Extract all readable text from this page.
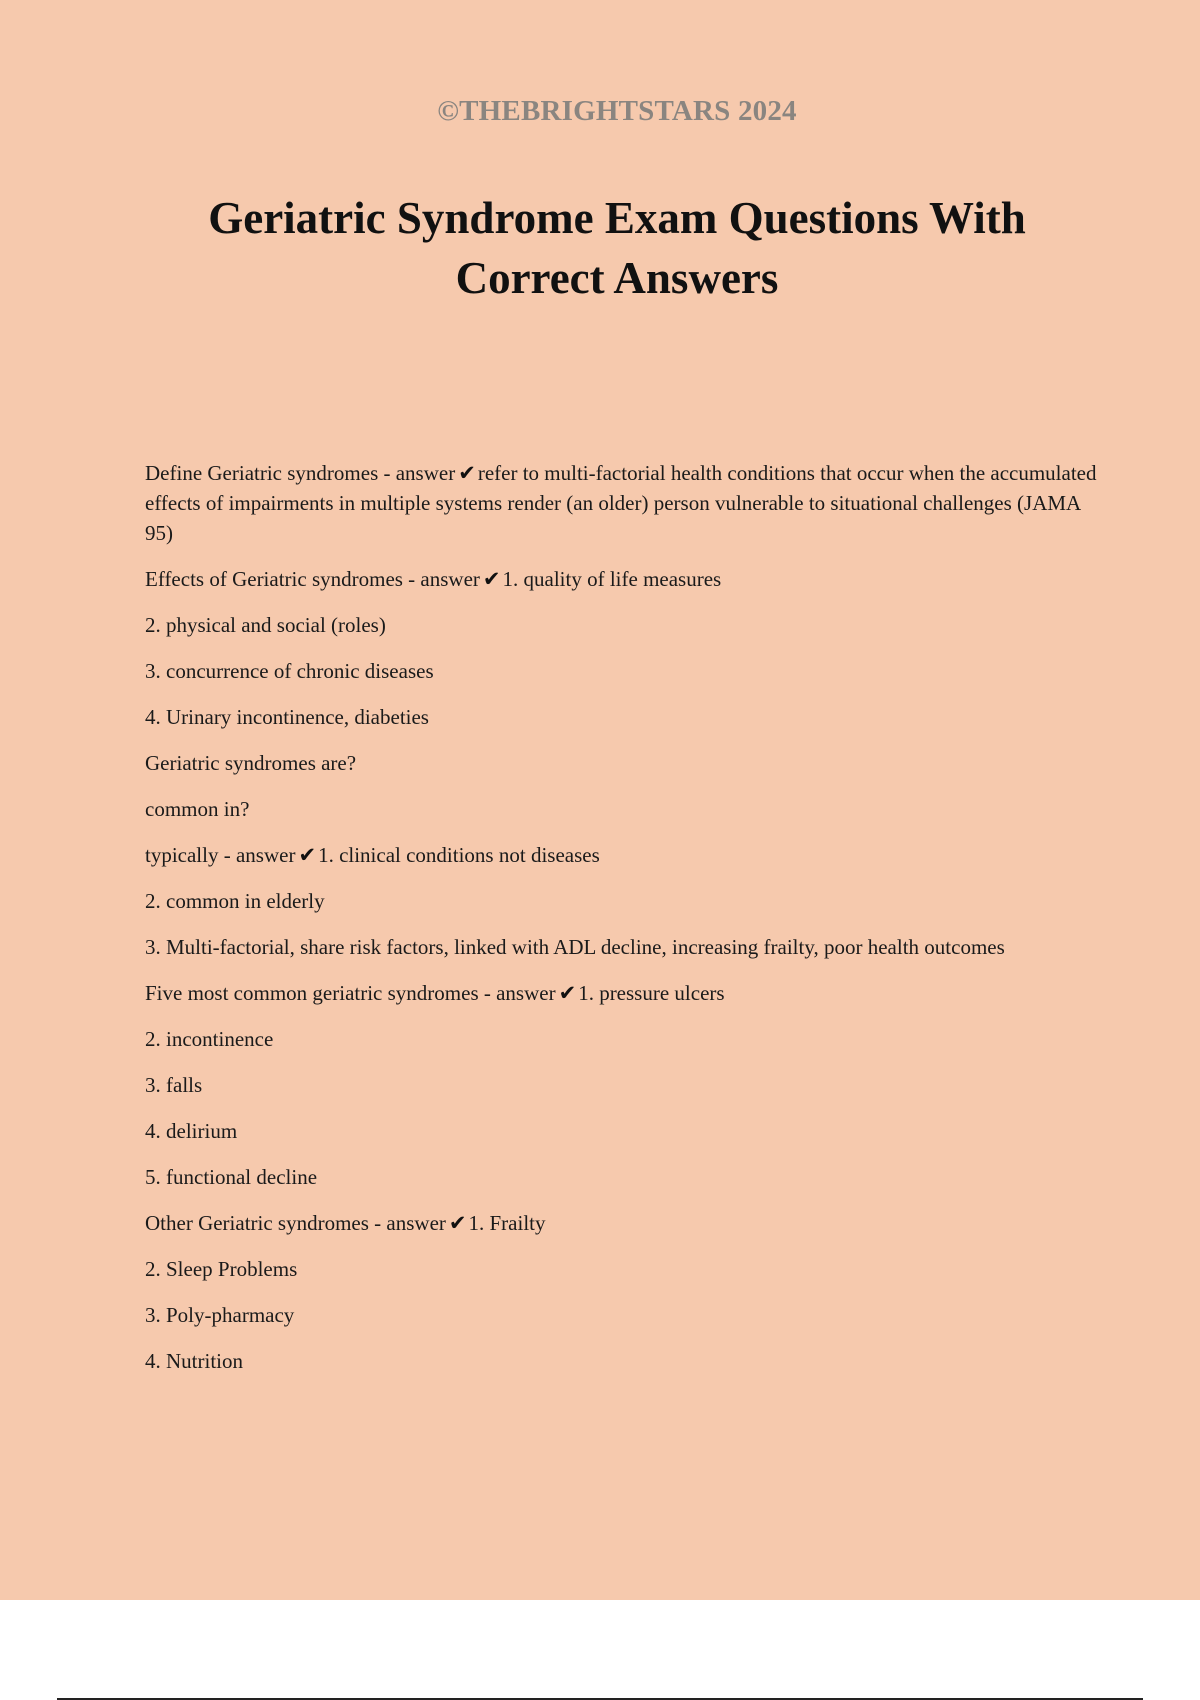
©THEBRIGHTSTARS 2024
Geriatric Syndrome Exam Questions With Correct Answers

Define Geriatric syndromes - answer ✔refer to multi-factorial health conditions that occur when the accumulated effects of impairments in multiple systems render (an older) person vulnerable to situational challenges (JAMA 95)

Effects of Geriatric syndromes - answer ✔1. quality of life measures

2. physical and social (roles)

3. concurrence of chronic diseases

4. Urinary incontinence, diabeties

Geriatric syndromes are?

common in?

typically - answer ✔1. clinical conditions not diseases

2. common in elderly

3. Multi-factorial, share risk factors, linked with ADL decline, increasing frailty, poor health outcomes

Five most common geriatric syndromes - answer ✔1. pressure ulcers

2. incontinence

3. falls

4. delirium

5. functional decline

Other Geriatric syndromes - answer ✔1. Frailty

2. Sleep Problems

3. Poly-pharmacy

4. Nutrition
